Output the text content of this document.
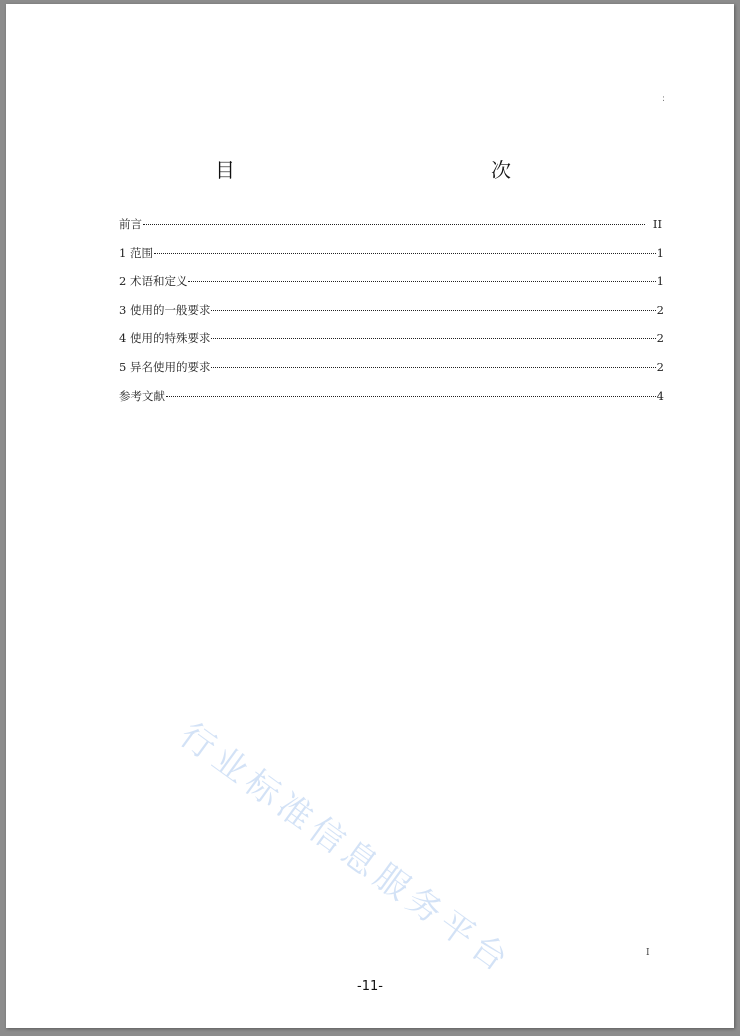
:
目　　次
前言	II
1 范围	1
2 术语和定义	1
3 使用的一般要求	2
4 使用的特殊要求	2
5 异名使用的要求	2
参考文献	4
行业标准信息服务平台	I
-11-
